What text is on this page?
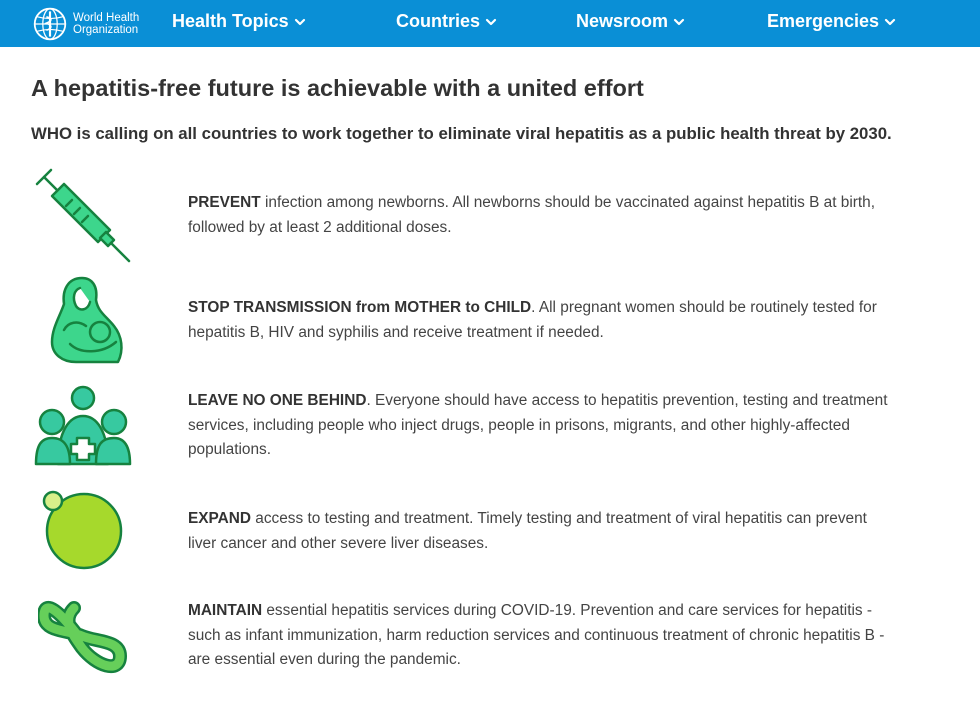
World Health
Organization Health Topics	Countries	Newsroom	Emergencies
A hepatitis-free future is achievable with a united effort
WHO is calling on all countries to work together to eliminate viral hepatitis as a public health threat by 2030.
PREVENT infection among newborns. All newborns should be vaccinated against hepatitis B at birth, followed by at least 2 additional doses.
STOP TRANSMISSION from MOTHER to CHILD. All pregnant women should be routinely tested for hepatitis B, HIV and syphilis and receive treatment if needed.
LEAVE NO ONE BEHIND. Everyone should have access to hepatitis prevention, testing and treatment services, including people who inject drugs, people in prisons, migrants, and other highly-affected populations.
EXPAND access to testing and treatment. Timely testing and treatment of viral hepatitis can prevent liver cancer and other severe liver diseases.
MAINTAIN essential hepatitis services during COVID-19. Prevention and care services for hepatitis - such as infant immunization, harm reduction services and continuous treatment of chronic hepatitis B - are essential even during the pandemic.
